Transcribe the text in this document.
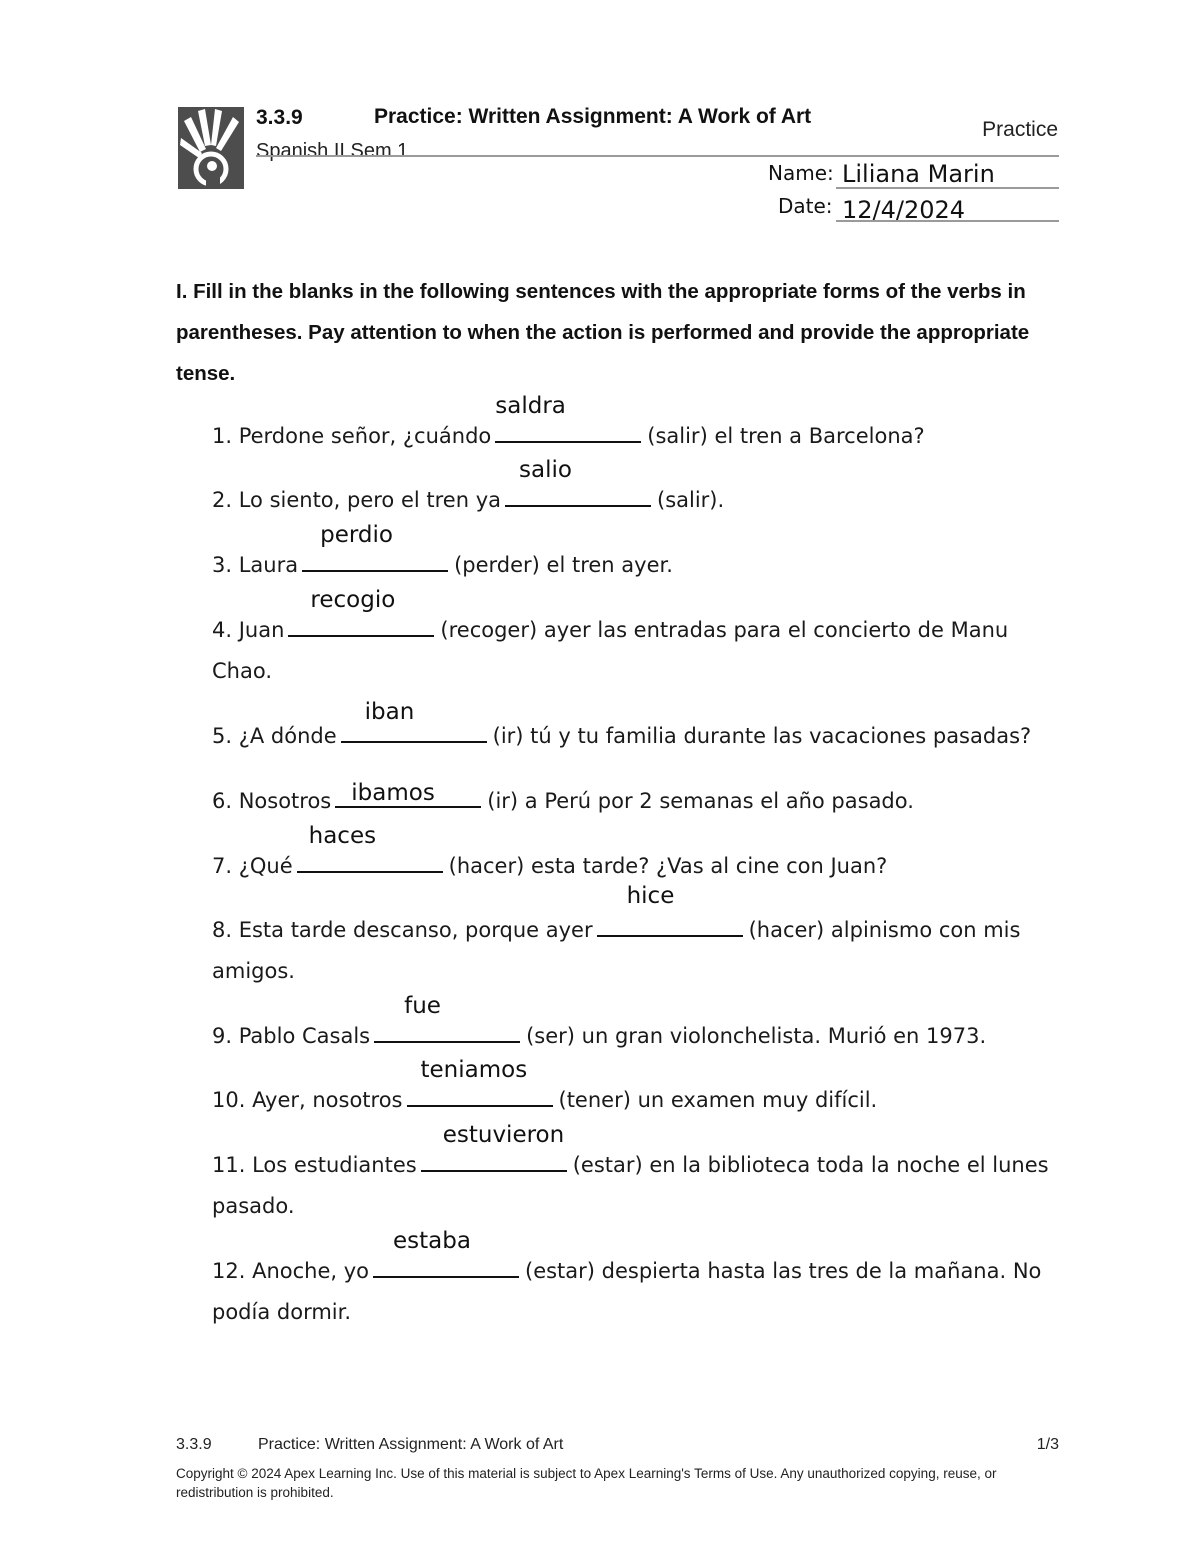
3.3.9	Practice: Written Assignment: A Work of Art
Spanish II Sem 1
Practice
Name: Liliana Marin
Date: 12/4/2024
I. Fill in the blanks in the following sentences with the appropriate forms of the verbs in parentheses. Pay attention to when the action is performed and provide the appropriate tense.
1. Perdone señor, ¿cuándo
saldra
(salir) el tren a Barcelona?
2. Lo siento, pero el tren ya
salio
(salir).
3. Laura
perdio
(perder) el tren ayer.
4. Juan
recogio
(recoger) ayer las entradas para el concierto de Manu Chao.
5. ¿A dónde
iban
(ir) tú y tu familia durante las vacaciones pasadas?
6. Nosotros ibamos	(ir) a Perú por 2 semanas el año pasado.
7. ¿Qué
haces
(hacer) esta tarde? ¿Vas al cine con Juan?
8. Esta tarde descanso, porque ayer
hice
(hacer) alpinismo con mis amigos.
9. Pablo Casals
fue
(ser) un gran violonchelista. Murió en 1973.
10. Ayer, nosotros
teniamos
(tener) un examen muy difícil.
11. Los estudiantes
estuvieron
(estar) en la biblioteca toda la noche el lunes pasado.
12. Anoche, yo
estaba
(estar) despierta hasta las tres de la mañana. No podía dormir.
3.3.9	Practice: Written Assignment: A Work of Art	1/3
Copyright © 2024 Apex Learning Inc. Use of this material is subject to Apex Learning's Terms of Use. Any unauthorized copying, reuse, or redistribution is prohibited.
